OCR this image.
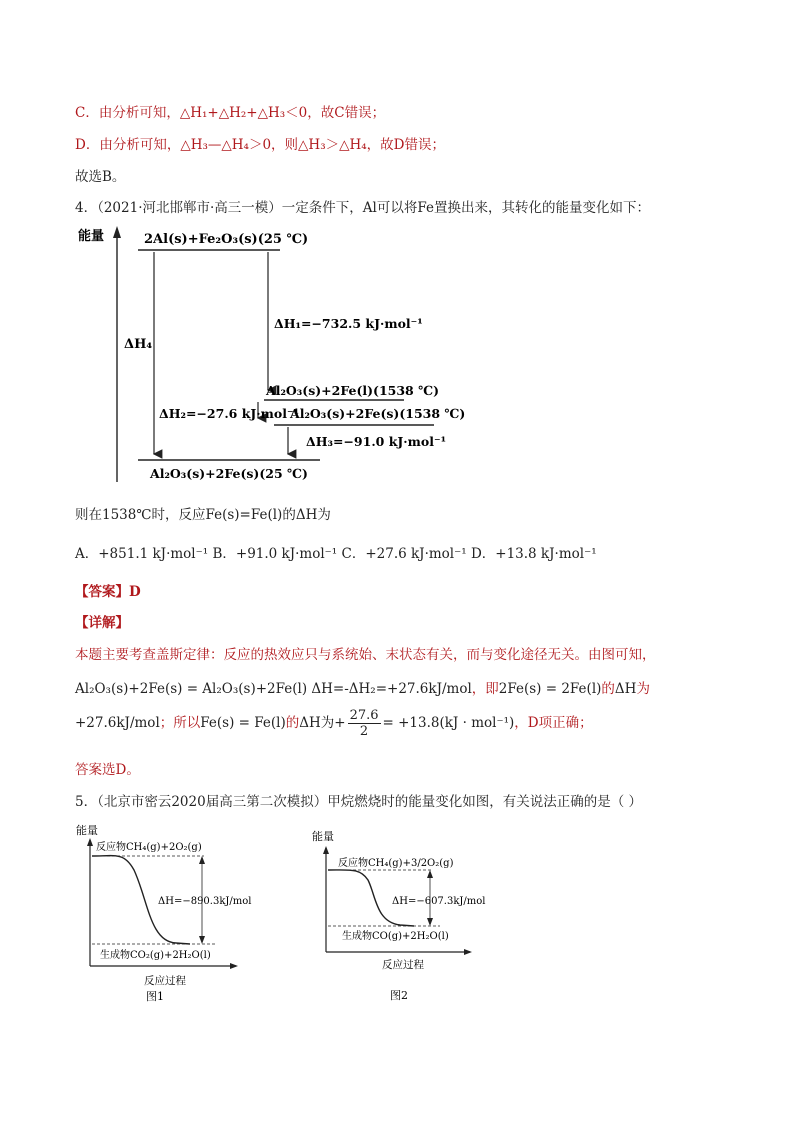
C．由分析可知，△H₁+△H₂+△H₃＜0，故C错误；
D．由分析可知，△H₃—△H₄＞0，则△H₃＞△H₄，故D错误；
故选B。
4．（2021·河北邯郸市·高三一模）一定条件下，Al可以将Fe置换出来，其转化的能量变化如下：
能量	2Al(s)+Fe₂O₃(s)(25 ℃)
ΔH₄
ΔH₁=−732.5 kJ·mol⁻¹
Al₂O₃(s)+2Fe(l)(1538 ℃)
ΔH₂=−27.6 kJ·mol⁻¹
Al₂O₃(s)+2Fe(s)(1538 ℃)
ΔH₃=−91.0 kJ·mol⁻¹
Al₂O₃(s)+2Fe(s)(25 ℃)
则在1538℃时，反应Fe(s)=Fe(l)的ΔH为
A．+851.1 kJ·mol⁻¹ B．+91.0 kJ·mol⁻¹ C．+27.6 kJ·mol⁻¹ D．+13.8 kJ·mol⁻¹
【答案】D
【详解】
本题主要考查盖斯定律：反应的热效应只与系统始、末状态有关，而与变化途径无关。由图可知，
Al₂O₃(s)+2Fe(s) = Al₂O₃(s)+2Fe(l) ΔH=-ΔH₂=+27.6kJ/mol，即2Fe(s) = 2Fe(l)的ΔH为
+27.6kJ/mol；所以Fe(s) = Fe(l)的ΔH为+ $\frac{27.6}{2} = +13.8(kJ \cdot mol^{-1})$，D项正确；
答案选D。
5．（北京市密云2020届高三第二次模拟）甲烷燃烧时的能量变化如图，有关说法正确的是（ ）
能量
反应物CH₄(g)+2O₂(g)
ΔH=−890.3kJ/mol
生成物CO₂(g)+2H₂O(l)
反应过程
图1
能量
反应物CH₄(g)+3/2O₂(g)
ΔH=−607.3kJ/mol
生成物CO(g)+2H₂O(l)
反应过程
图2
